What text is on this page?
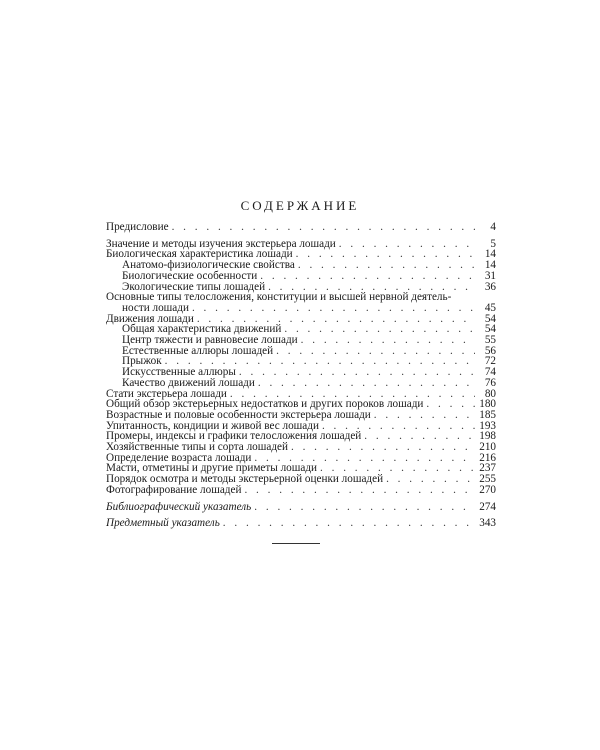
СОДЕРЖАНИЕ
Предисловие . . .	4
Значение и методы изучения экстерьера лошади . . .	5
Биологическая характеристика лошади . . .	14
Анатомо-физиологические свойства . . .	14
Биологические особенности . . .	31
Экологические типы лошадей . . .	36
Основные типы телосложения, конституции и высшей нервной деятель-
ности лошади . . .	45
Движения лошади . . .	54
Общая характеристика движений . . .	54
Центр тяжести и равновесие лошади . . .	55
Естественные аллюры лошадей . . .	56
Прыжок . . .	72
Искусственные аллюры . . .	74
Качество движений лошади . . .	76
Стати экстерьера лошади . . .	80
Общий обзор экстерьерных недостатков и других пороков лошади . . .	180
Возрастные и половые особенности экстерьера лошади . . .	185
Упитанность, кондиции и живой вес лошади . . .	193
Промеры, индексы и графики телосложения лошадей . . .	198
Хозяйственные типы и сорта лошадей . . .	210
Определение возраста лошади . . .	216
Масти, отметины и другие приметы лошади . . .	237
Порядок осмотра и методы экстерьерной оценки лошадей . . .	255
Фотографирование лошадей . . .	270
Библиографический указатель . . .	274
Предметный указатель . . .	343
